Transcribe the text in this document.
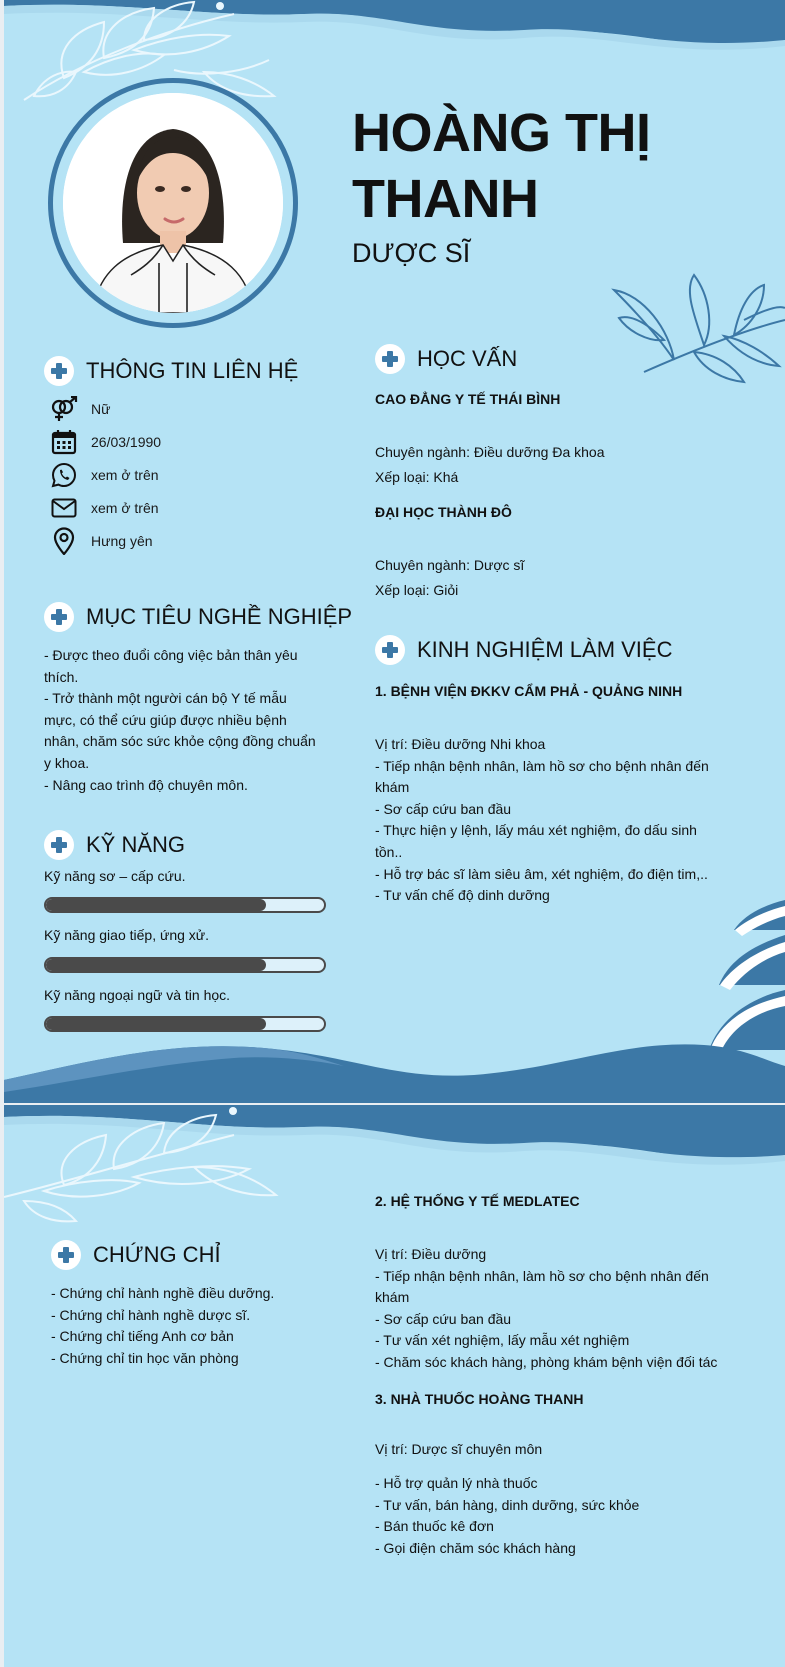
HOÀNG THỊ
THANH
DƯỢC SĨ
THÔNG TIN LIÊN HỆ
Nữ
26/03/1990
xem ở trên
xem ở trên
Hưng yên
MỤC TIÊU NGHỀ NGHIỆP
- Được theo đuổi công việc bản thân yêu
thích.
- Trở thành một người cán bộ Y tế mẫu
mực, có thể cứu giúp được nhiều bệnh
nhân, chăm sóc sức khỏe cộng đồng chuẩn
y khoa.
- Nâng cao trình độ chuyên môn.
KỸ NĂNG
Kỹ năng sơ – cấp cứu.
Kỹ năng giao tiếp, ứng xử.
Kỹ năng ngoại ngữ và tin học.
HỌC VẤN
CAO ĐẲNG Y TẾ THÁI BÌNH
Chuyên ngành: Điều dưỡng Đa khoa
Xếp loại: Khá
ĐẠI HỌC THÀNH ĐÔ
Chuyên ngành: Dược sĩ
Xếp loại: Giỏi
KINH NGHIỆM LÀM VIỆC
1. BỆNH VIỆN ĐKKV CẨM PHẢ - QUẢNG NINH
Vị trí: Điều dưỡng Nhi khoa
- Tiếp nhận bệnh nhân, làm hồ sơ cho bệnh nhân đến
khám
- Sơ cấp cứu ban đầu
- Thực hiện y lệnh, lấy máu xét nghiệm, đo dấu sinh
tồn..
- Hỗ trợ bác sĩ làm siêu âm, xét nghiệm, đo điện tim,..
- Tư vấn chế độ dinh dưỡng
CHỨNG CHỈ
- Chứng chỉ hành nghề điều dưỡng.
- Chứng chỉ hành nghề dược sĩ.
- Chứng chỉ tiếng Anh cơ bản
- Chứng chỉ tin học văn phòng
2. HỆ THỐNG Y TẾ MEDLATEC
Vị trí: Điều dưỡng
- Tiếp nhận bệnh nhân, làm hồ sơ cho bệnh nhân đến
khám
- Sơ cấp cứu ban đầu
- Tư vấn xét nghiệm, lấy mẫu xét nghiệm
- Chăm sóc khách hàng, phòng khám bệnh viện đối tác
3. NHÀ THUỐC HOÀNG THANH
Vị trí: Dược sĩ chuyên môn
- Hỗ trợ quản lý nhà thuốc
- Tư vấn, bán hàng, dinh dưỡng, sức khỏe
- Bán thuốc kê đơn
- Gọi điện chăm sóc khách hàng
